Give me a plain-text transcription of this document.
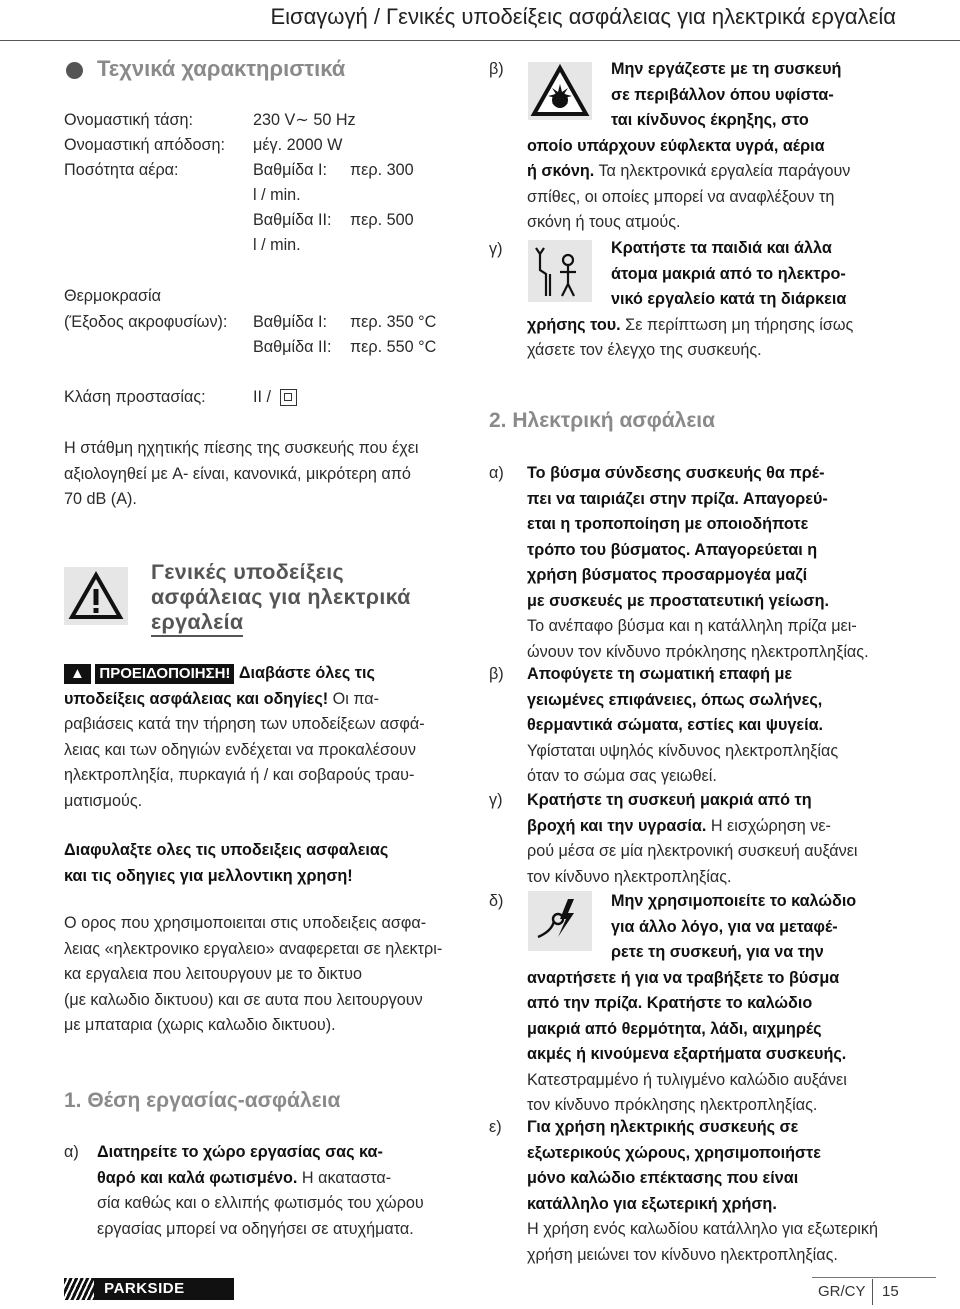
Εισαγωγή / Γενικές υποδείξεις ασφάλειας για ηλεκτρικά εργαλεία
Τεχνικά χαρακτηριστικά
Ονομαστική τάση:	230 V∼ 50 Hz
Ονομαστική απόδοση: μέγ. 2000 W
Ποσότητα αέρα:	Βαθμίδα I: περ. 300
l / min.
Βαθμίδα II: περ. 500
l / min.
Θερμοκρασία
(Έξοδος ακροφυσίων): Βαθμίδα I: περ. 350 °C
Βαθμίδα II: περ. 550 °C
Κλάση προστασίας:	II /
Η στάθμη ηχητικής πίεσης της συσκευής που έχει
αξιολογηθεί με A- είναι, κανονικά, μικρότερη από
70 dB (A).
Γενικές υποδείξεις
ασφάλειας για ηλεκτρικά
εργαλεία
▲ ΠΡΟΕΙΔΟΠΟΙΗΣΗ! Διαβάστε όλες τις
υποδείξεις ασφάλειας και οδηγίες! Οι πα-
ραβιάσεις κατά την τήρηση των υποδείξεων ασφά-
λειας και των οδηγιών ενδέχεται να προκαλέσουν
ηλεκτροπληξία, πυρκαγιά ή / και σοβαρούς τραυ-
ματισμούς.
Διαφυλαξτε ολες τις υποδειξεις ασφαλειας
και τις οδηγιες για μελλοντικη χρηση!
Ο ορος που χρησιμοποιειται στις υποδειξεις ασφα-
λειας «ηλεκτρονικο εργαλειο» αναφερεται σε ηλεκτρι-
κα εργαλεια που λειτουργουν με το δικτυο
(με καλωδιο δικτυου) και σε αυτα που λειτουργουν
με μπαταρια (χωρις καλωδιο δικτυου).
1. Θέση εργασίας-ασφάλεια
α) Διατηρείτε το χώρο εργασίας σας κα-
θαρό και καλά φωτισμένο. Η ακαταστα-
σία καθώς και ο ελλιπής φωτισμός του χώρου
εργασίας μπορεί να οδηγήσει σε ατυχήματα.
β)	Μην εργάζεστε με τη συσκευή
σε περιβάλλον όπου υφίστα-
ται κίνδυνος έκρηξης, στο
οποίο υπάρχουν εύφλεκτα υγρά, αέρια
ή σκόνη. Τα ηλεκτρονικά εργαλεία παράγουν
σπίθες, οι οποίες μπορεί να αναφλέξουν τη
σκόνη ή τους ατμούς.
γ)	Κρατήστε τα παιδιά και άλλα
άτομα μακριά από το ηλεκτρο-
νικό εργαλείο κατά τη διάρκεια
χρήσης του. Σε περίπτωση μη τήρησης ίσως
χάσετε τον έλεγχο της συσκευής.
2. Ηλεκτρική ασφάλεια
α) Το βύσμα σύνδεσης συσκευής θα πρέ-
πει να ταιριάζει στην πρίζα. Απαγορεύ-
εται η τροποποίηση με οποιοδήποτε
τρόπο του βύσματος. Απαγορεύεται η
χρήση βύσματος προσαρμογέα μαζί
με συσκευές με προστατευτική γείωση.
Το ανέπαφο βύσμα και η κατάλληλη πρίζα μει-
ώνουν τον κίνδυνο πρόκλησης ηλεκτροπληξίας.
β) Αποφύγετε τη σωματική επαφή με
γειωμένες επιφάνειες, όπως σωλήνες,
θερμαντικά σώματα, εστίες και ψυγεία.
Υφίσταται υψηλός κίνδυνος ηλεκτροπληξίας
όταν το σώμα σας γειωθεί.
γ) Κρατήστε τη συσκευή μακριά από τη
βροχή και την υγρασία. Η εισχώρηση νε-
ρού μέσα σε μία ηλεκτρονική συσκευή αυξάνει
τον κίνδυνο ηλεκτροπληξίας.
δ)	Μην χρησιμοποιείτε το καλώδιο
για άλλο λόγο, για να μεταφέ-
ρετε τη συσκευή, για να την
αναρτήσετε ή για να τραβήξετε το βύσμα
από την πρίζα. Κρατήστε το καλώδιο
μακριά από θερμότητα, λάδι, αιχμηρές
ακμές ή κινούμενα εξαρτήματα συσκευής.
Κατεστραμμένο ή τυλιγμένο καλώδιο αυξάνει
τον κίνδυνο πρόκλησης ηλεκτροπληξίας.
ε) Για χρήση ηλεκτρικής συσκευής σε
εξωτερικούς χώρους, χρησιμοποιήστε
μόνο καλώδιο επέκτασης που είναι
κατάλληλο για εξωτερική χρήση.
Η χρήση ενός καλωδίου κατάλληλο για εξωτερική
χρήση μειώνει τον κίνδυνο ηλεκτροπληξίας.
PARKSIDE	GR/CY 15
